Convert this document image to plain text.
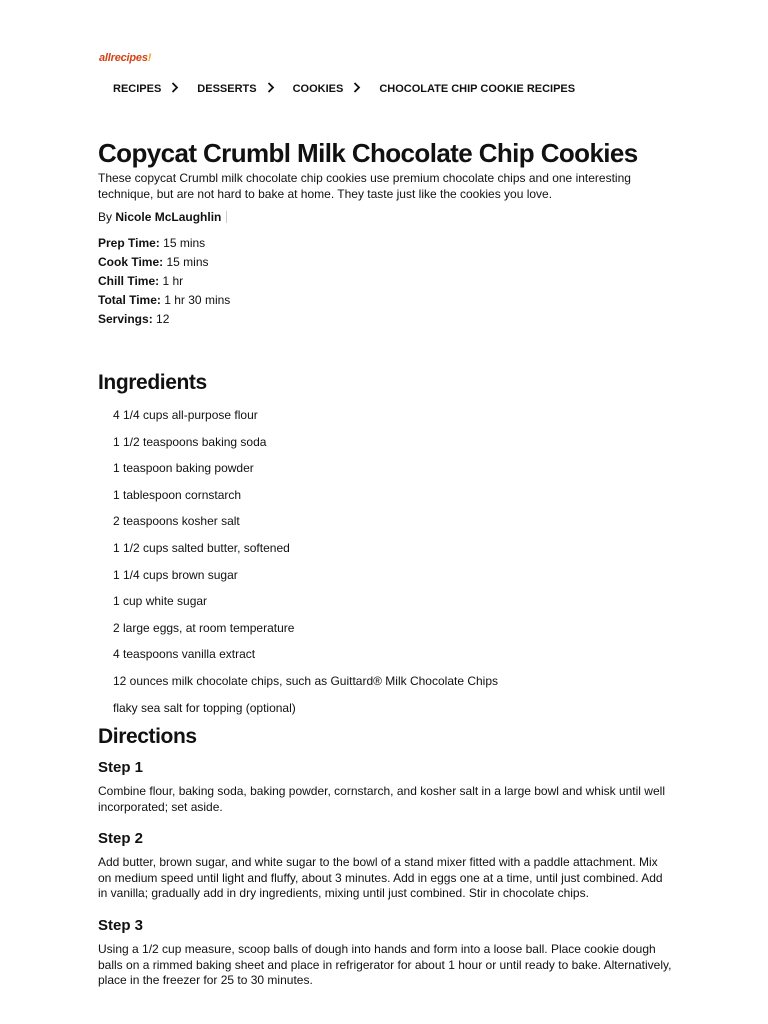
allrecipes!
RECIPES	DESSERTS	COOKIES	CHOCOLATE CHIP COOKIE RECIPES
Copycat Crumbl Milk Chocolate Chip Cookies

These copycat Crumbl milk chocolate chip cookies use premium chocolate chips and one interesting technique, but are not hard to bake at home. They taste just like the cookies you love.

By Nicole McLaughlin

Prep Time: 15 mins
Cook Time: 15 mins
Chill Time: 1 hr
Total Time: 1 hr 30 mins
Servings: 12
Ingredients
4 1/4 cups all-purpose flour
1 1/2 teaspoons baking soda
1 teaspoon baking powder
1 tablespoon cornstarch
2 teaspoons kosher salt
1 1/2 cups salted butter, softened
1 1/4 cups brown sugar
1 cup white sugar
2 large eggs, at room temperature
4 teaspoons vanilla extract
12 ounces milk chocolate chips, such as Guittard® Milk Chocolate Chips
flaky sea salt for topping (optional)
Directions
Step 1

Combine flour, baking soda, baking powder, cornstarch, and kosher salt in a large bowl and whisk until well incorporated; set aside.

Step 2

Add butter, brown sugar, and white sugar to the bowl of a stand mixer fitted with a paddle attachment. Mix on medium speed until light and fluffy, about 3 minutes. Add in eggs one at a time, until just combined. Add in vanilla; gradually add in dry ingredients, mixing until just combined. Stir in chocolate chips.

Step 3

Using a 1/2 cup measure, scoop balls of dough into hands and form into a loose ball. Place cookie dough balls on a rimmed baking sheet and place in refrigerator for about 1 hour or until ready to bake. Alternatively, place in the freezer for 25 to 30 minutes.
